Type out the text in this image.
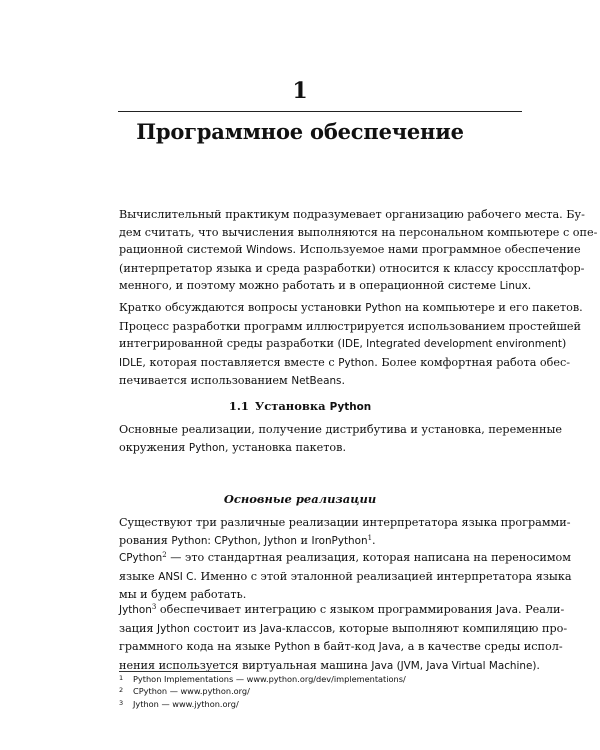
1
Программное обеспечение
Вычислительный практикум подразумевает организацию рабочего места. Бу-
дем считать, что вычисления выполняются на персональном компьютере с опе-
рационной системой Windows. Используемое нами программное обеспечение
(интерпретатор языка и среда разработки) относится к классу кроссплатфор-
менного, и поэтому можно работать и в операционной системе Linux.
Кратко обсуждаются вопросы установки Python на компьютере и его пакетов.
Процесс разработки программ иллюстрируется использованием простейшей
интегрированной среды разработки (IDE, Integrated development environment)
IDLE, которая поставляется вместе с Python. Более комфортная работа обес-
печивается использованием NetBeans.
1.1 Установка Python
Основные реализации, получение дистрибутива и установка, переменные
окружения Python, установка пакетов.
Основные реализации
Существуют три различные реализации интерпретатора языка программи-
рования Python: CPython, Jython и IronPython$^1$.
CPython$^2$ — это стандартная реализация, которая написана на переносимом
языке ANSI C. Именно с этой эталонной реализацией интерпретатора языка
мы и будем работать.
Jython$^3$ обеспечивает интеграцию с языком программирования Java. Реали-
зация Jython состоит из Java-классов, которые выполняют компиляцию про-
граммного кода на языке Python в байт-код Java, а в качестве среды испол-
нения используется виртуальная машина Java (JVM, Java Virtual Machine).
1 Python Implementations — www.python.org/dev/implementations/
2 CPython — www.python.org/
3 Jython — www.jython.org/
